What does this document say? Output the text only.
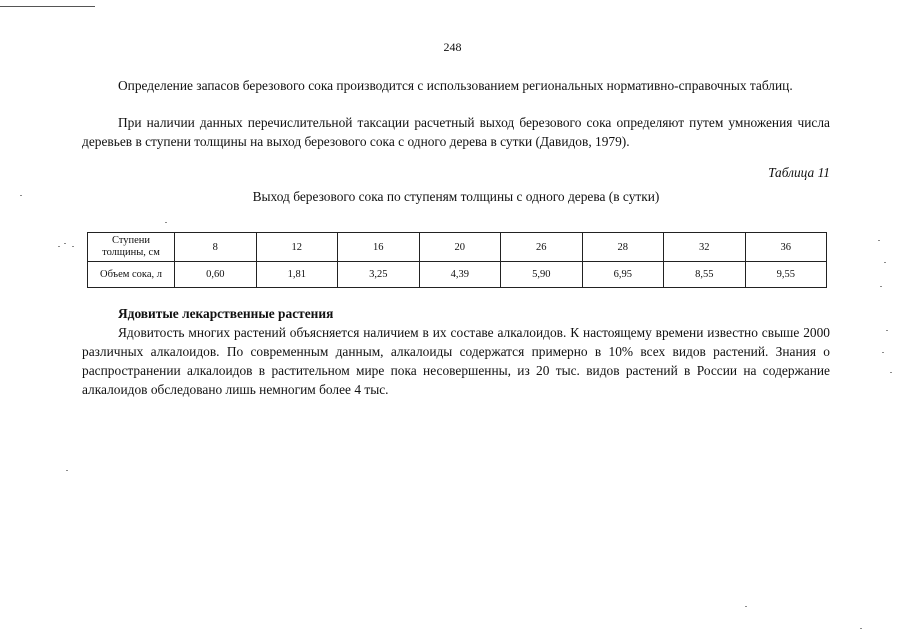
248

Определение запасов березового сока производится с использованием региональных нормативно-справочных таблиц.

При наличии данных перечислительной таксации расчетный выход березового сока определяют путем умножения числа деревьев в ступени толщины на выход березового сока с одного дерева в сутки (Давидов, 1979).

Таблица 11
Выход березового сока по ступеням толщины с одного дерева (в сутки)
Ступени толщины, см	8	12	16	20	26	28	32	36
Объем сока, л	0,60	1,81	3,25	4,39	5,90	6,95	8,55	9,55
Ядовитые лекарственные растения

Ядовитость многих растений объясняется наличием в их составе алкалоидов. К настоящему времени известно свыше 2000 различных алкалоидов. По современным данным, алкалоиды содержатся примерно в 10% всех видов растений. Знания о распространении алкалоидов в растительном мире пока несовершенны, из 20 тыс. видов растений в России на содержание алкалоидов обследовано лишь немногим более 4 тыс.
